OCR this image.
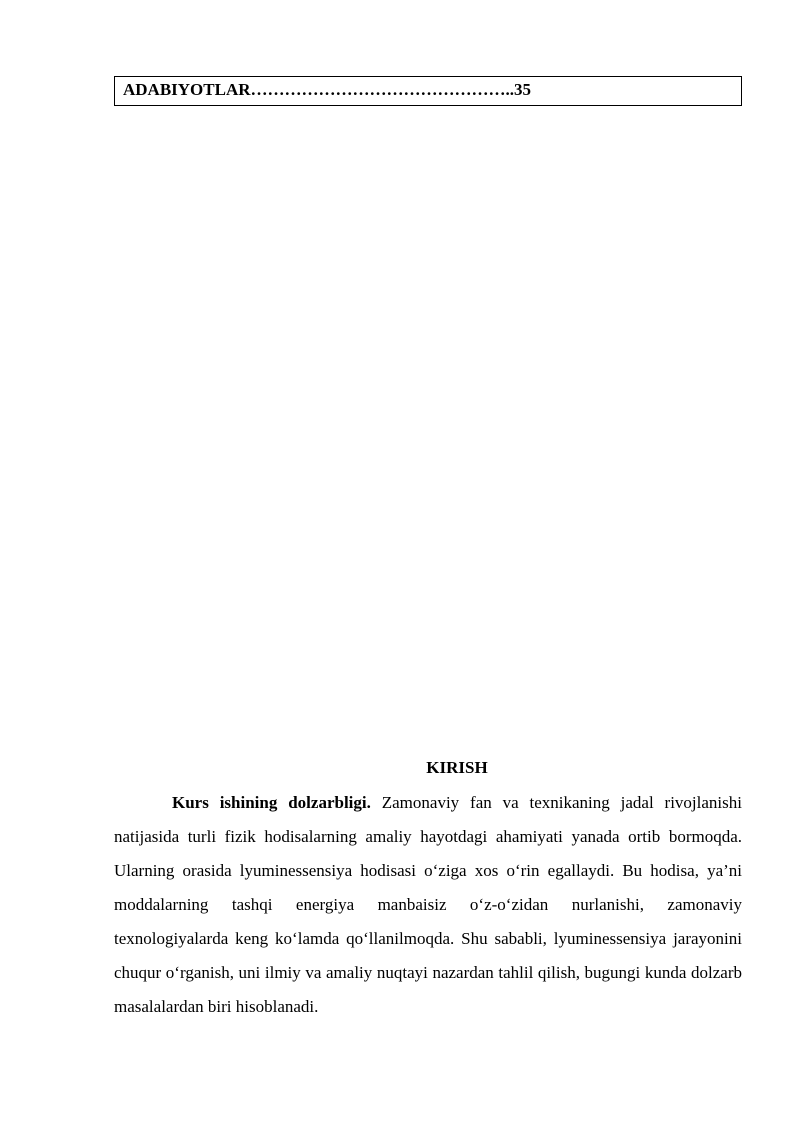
ADABIYOTLAR………………………………………..35
KIRISH

Kurs ishining dolzarbligi. Zamonaviy fan va texnikaning jadal rivojlanishi natijasida turli fizik hodisalarning amaliy hayotdagi ahamiyati yanada ortib bormoqda. Ularning orasida lyuminessensiya hodisasi o‘ziga xos o‘rin egallaydi. Bu hodisa, ya’ni moddalarning tashqi energiya manbaisiz o‘z-o‘zidan nurlanishi, zamonaviy texnologiyalarda keng ko‘lamda qo‘llanilmoqda. Shu sababli, lyuminessensiya jarayonini chuqur o‘rganish, uni ilmiy va amaliy nuqtayi nazardan tahlil qilish, bugungi kunda dolzarb masalalardan biri hisoblanadi.
